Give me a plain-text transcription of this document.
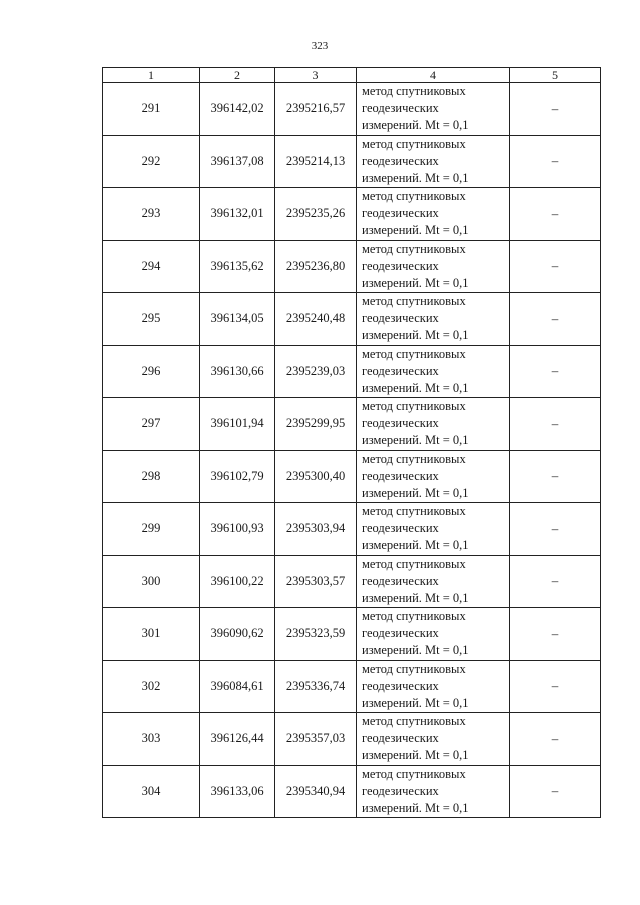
323
1	2	3	4	5
291	396142,02	2395216,57	метод спутниковых
геодезических
измерений. Mt = 0,1	–
292	396137,08	2395214,13	метод спутниковых
геодезических
измерений. Mt = 0,1	–
293	396132,01	2395235,26	метод спутниковых
геодезических
измерений. Mt = 0,1	–
294	396135,62	2395236,80	метод спутниковых
геодезических
измерений. Mt = 0,1	–
295	396134,05	2395240,48	метод спутниковых
геодезических
измерений. Mt = 0,1	–
296	396130,66	2395239,03	метод спутниковых
геодезических
измерений. Mt = 0,1	–
297	396101,94	2395299,95	метод спутниковых
геодезических
измерений. Mt = 0,1	–
298	396102,79	2395300,40	метод спутниковых
геодезических
измерений. Mt = 0,1	–
299	396100,93	2395303,94	метод спутниковых
геодезических
измерений. Mt = 0,1	–
300	396100,22	2395303,57	метод спутниковых
геодезических
измерений. Mt = 0,1	–
301	396090,62	2395323,59	метод спутниковых
геодезических
измерений. Mt = 0,1	–
302	396084,61	2395336,74	метод спутниковых
геодезических
измерений. Mt = 0,1	–
303	396126,44	2395357,03	метод спутниковых
геодезических
измерений. Mt = 0,1	–
304	396133,06	2395340,94	метод спутниковых
геодезических
измерений. Mt = 0,1	–
